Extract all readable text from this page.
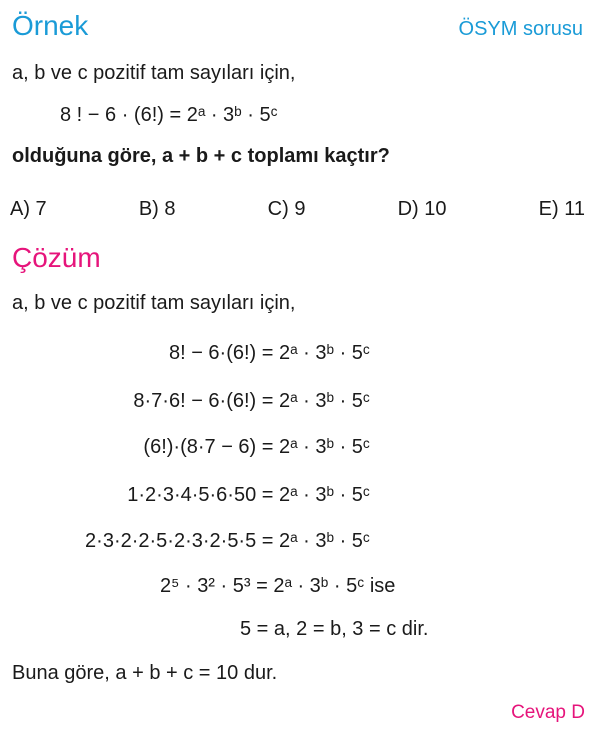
Örnek	ÖSYM sorusu
a, b ve c pozitif tam sayıları için,
8 ! − 6 · (6!) = 2ᵃ · 3ᵇ · 5ᶜ
olduğuna göre, a + b + c toplamı kaçtır?
A) 7	B) 8	C) 9	D) 10	E) 11
Çözüm
a, b ve c pozitif tam sayıları için,
8! − 6·(6!) = 2ᵃ · 3ᵇ · 5ᶜ
8·7·6! − 6·(6!) = 2ᵃ · 3ᵇ · 5ᶜ
(6!)·(8·7 − 6) = 2ᵃ · 3ᵇ · 5ᶜ
1·2·3·4·5·6·50 = 2ᵃ · 3ᵇ · 5ᶜ
2·3·2·2·5·2·3·2·5·5 = 2ᵃ · 3ᵇ · 5ᶜ
2⁵ · 3² · 5³ = 2ᵃ · 3ᵇ · 5ᶜ ise
5 = a, 2 = b, 3 = c dir.
Buna göre, a + b + c = 10 dur.
Cevap D
